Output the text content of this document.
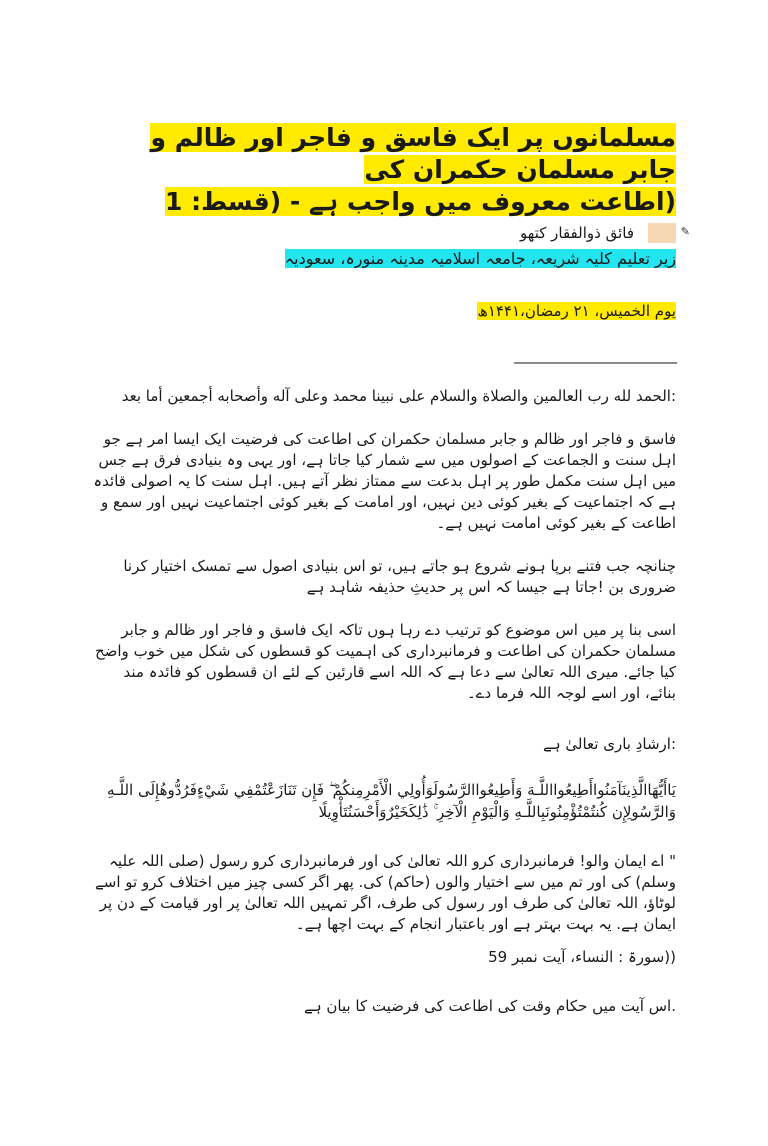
مسلمانوں پر ایک فاسق و فاجر اور ظالم و جابر مسلمان حکمران کی
(اطاعت معروف میں واجب ہے - (قسط: 1
✎
فائق ذوالفقار کتھو
زیر تعلیم کلیہ شریعہ، جامعہ اسلامیہ مدینہ منورہ، سعودیہ
یوم الخمیس، ۲۱ رمضان،۱۴۴۱ھ
___________________________

:الحمد لله رب العالمين والصلاة والسلام على نبينا محمد وعلى آله وأصحابه أجمعين أما بعد

فاسق و فاجر اور ظالم و جابر مسلمان حکمران کی اطاعت کی فرضیت ایک ایسا امر ہے جو اہل سنت و الجماعت کے اصولوں میں سے شمار کیا جاتا ہے، اور یہی وہ بنیادی فرق ہے جس میں اہل سنت مکمل طور پر اہل بدعت سے ممتاز نظر آتے ہیں. اہل سنت کا یہ اصولی قائدہ ہے کہ اجتماعیت کے بغیر کوئی دین نہیں، اور امامت کے بغیر کوئی اجتماعیت نہیں اور سمع و اطاعت کے بغیر کوئی امامت نہیں ہے۔

چنانچہ جب فتنے برپا ہونے شروع ہو جاتے ہیں، تو اس بنیادی اصول سے تمسک اختیار کرنا ضروری بن !جاتا ہے جیسا کہ اس پر حدیثِ حذیفہ شاہد ہے

اسی بنا پر میں اس موضوع کو ترتیب دے رہا ہوں تاکہ ایک فاسق و فاجر اور ظالم و جابر مسلمان حکمران کی اطاعت و فرمانبرداری کی اہمیت کو قسطوں کی شکل میں خوب واضح کیا جائے. میری اللہ تعالیٰ سے دعا ہے کہ اللہ اسے قارئین کے لئے ان قسطوں کو فائدہ مند بنائے، اور اسے لوجہ اللہ فرما دے۔

:ارشادِ باری تعالیٰ ہے

يَاأَيُّهَاالَّذِينَآمَنُواأَطِيعُوااللَّـهَ وَأَطِيعُواالرَّسُولَوَأُولِي الْأَمْرِمِنكُمْ ۖ فَإِن تَنَازَعْتُمْفِي شَيْءٍفَرُدُّوهُإِلَى اللَّـهِ وَالرَّسُولِإِن كُنتُمْتُؤْمِنُونَبِاللَّـهِ وَالْيَوْمِ الْآخِرِ ۚ ذَٰلِكَخَيْرٌوَأَحْسَنُتَأْوِيلًا

" اے ایمان والو! فرمانبرداری کرو اللہ تعالیٰ کی اور فرمانبرداری کرو رسول (صلی اللہ علیہ وسلم) کی اور تم میں سے اختیار والوں (حاکم) کی. پھر اگر کسی چیز میں اختلاف کرو تو اسے لوٹاؤ، اللہ تعالیٰ کی طرف اور رسول کی طرف، اگر تمہیں اللہ تعالیٰ پر اور قیامت کے دن پر ایمان ہے. یہ بہت بہتر ہے اور باعتبار انجام کے بہت اچھا ہے۔

((سورۃ : النساء، آیت نمبر 59

.اس آیت میں حکام وقت کی اطاعت کی فرضیت کا بیان ہے
